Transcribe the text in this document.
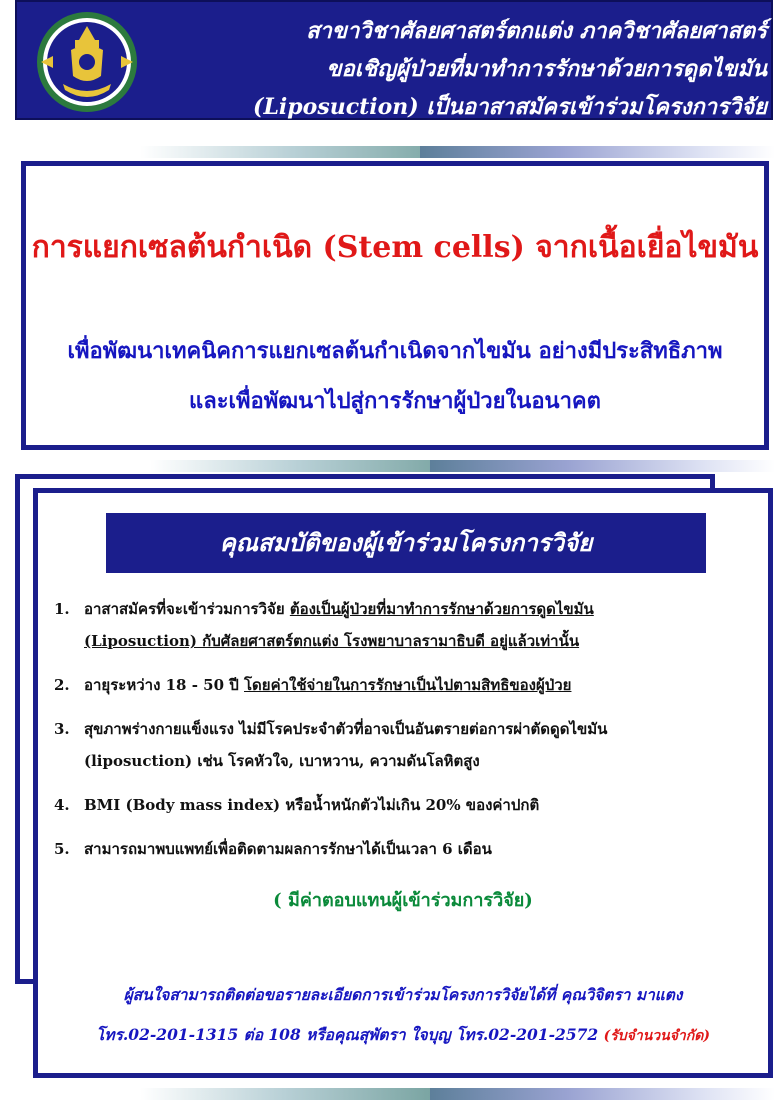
สาขาวิชาศัลยศาสตร์ตกแต่ง ภาควิชาศัลยศาสตร์
ขอเชิญผู้ป่วยที่มาทำการรักษาด้วยการดูดไขมัน
(Liposuction) เป็นอาสาสมัครเข้าร่วมโครงการวิจัย
การแยกเซลต้นกำเนิด (Stem cells) จากเนื้อเยื่อไขมัน
เพื่อพัฒนาเทคนิคการแยกเซลต้นกำเนิดจากไขมัน อย่างมีประสิทธิภาพ
และเพื่อพัฒนาไปสู่การรักษาผู้ป่วยในอนาคต
คุณสมบัติของผู้เข้าร่วมโครงการวิจัย
1. อาสาสมัครที่จะเข้าร่วมการวิจัย ต้องเป็นผู้ป่วยที่มาทำการรักษาด้วยการดูดไขมัน
(Liposuction) กับศัลยศาสตร์ตกแต่ง โรงพยาบาลรามาธิบดี อยู่แล้วเท่านั้น
2. อายุระหว่าง 18 - 50 ปี โดยค่าใช้จ่ายในการรักษาเป็นไปตามสิทธิของผู้ป่วย
3. สุขภาพร่างกายแข็งแรง ไม่มีโรคประจำตัวที่อาจเป็นอันตรายต่อการผ่าตัดดูดไขมัน
(liposuction) เช่น โรคหัวใจ, เบาหวาน, ความดันโลหิตสูง
4. BMI (Body mass index) หรือน้ำหนักตัวไม่เกิน 20% ของค่าปกติ
5. สามารถมาพบแพทย์เพื่อติดตามผลการรักษาได้เป็นเวลา 6 เดือน
( มีค่าตอบแทนผู้เข้าร่วมการวิจัย)
ผู้สนใจสามารถติดต่อขอรายละเอียดการเข้าร่วมโครงการวิจัยได้ที่ คุณวิจิตรา มาแตง
โทร.02-201-1315 ต่อ 108 หรือคุณสุพัตรา ใจบุญ โทร.02-201-2572 (รับจำนวนจำกัด)
